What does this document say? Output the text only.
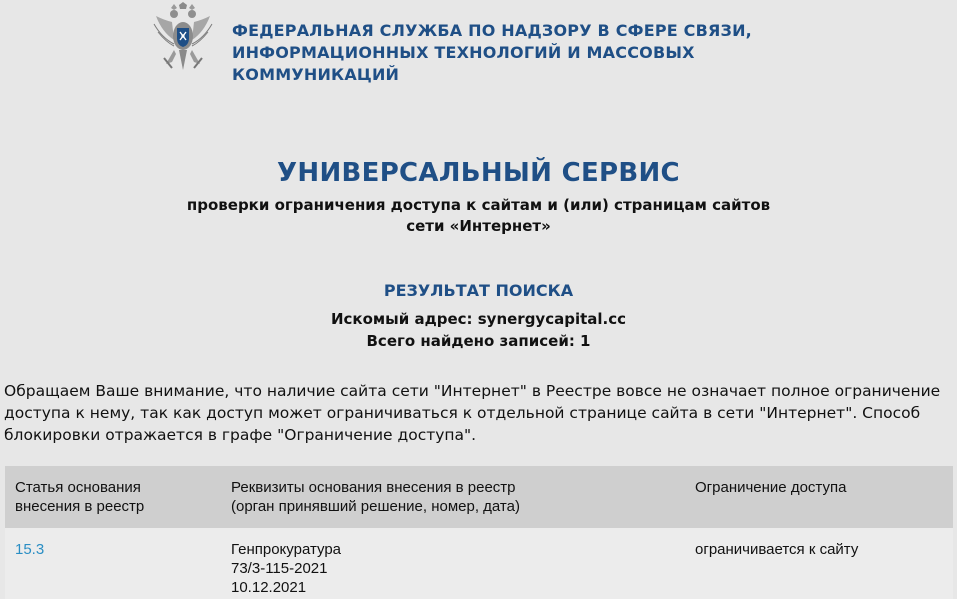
ФЕДЕРАЛЬНАЯ СЛУЖБА ПО НАДЗОРУ В СФЕРЕ СВЯЗИ,
ИНФОРМАЦИОННЫХ ТЕХНОЛОГИЙ И МАССОВЫХ КОММУНИКАЦИЙ
УНИВЕРСАЛЬНЫЙ СЕРВИС
проверки ограничения доступа к сайтам и (или) страницам сайтов
сети «Интернет»
РЕЗУЛЬТАТ ПОИСКА
Искомый адрес: synergycapital.cc
Всего найдено записей: 1
Обращаем Ваше внимание, что наличие сайта сети "Интернет" в Реестре вовсе не означает полное ограничение доступа к нему, так как доступ может ограничиваться к отдельной странице сайта в сети "Интернет". Способ блокировки отражается в графе "Ограничение доступа".
Статья основания
внесения в реестр
Реквизиты основания внесения в реестр
(орган принявший решение, номер, дата)
Ограничение доступа
15.3	Генпрокуратура
73/3-115-2021
10.12.2021
ограничивается к сайту
